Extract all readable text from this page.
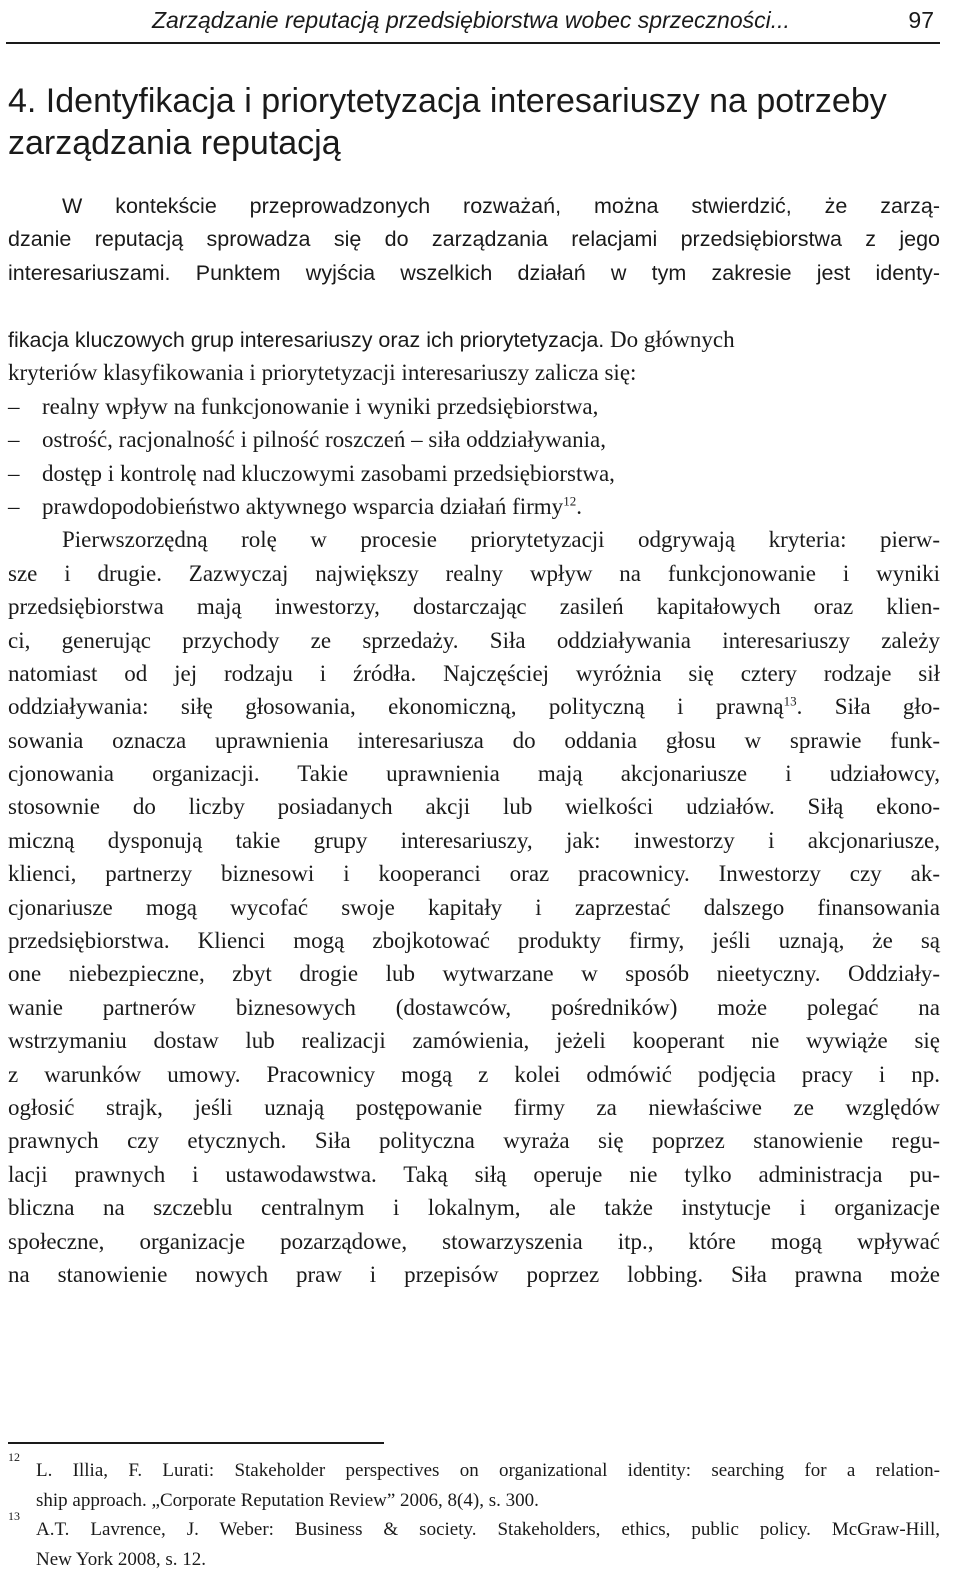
Zarządzanie reputacją przedsiębiorstwa wobec sprzeczności...	97
4. Identyfikacja i priorytetyzacja interesariuszy na potrzeby
zarządzania reputacją
W kontekście przeprowadzonych rozważań, można stwierdzić, że zarzą-
dzanie reputacją sprowadza się do zarządzania relacjami przedsiębiorstwa z jego
interesariuszami. Punktem wyjścia wszelkich działań w tym zakresie jest identy-
fikacja kluczowych grup interesariuszy oraz ich priorytetyzacja. Do głównych
kryteriów klasyfikowania i priorytetyzacji interesariuszy zalicza się:
– realny wpływ na funkcjonowanie i wyniki przedsiębiorstwa,
– ostrość, racjonalność i pilność roszczeń – siła oddziaływania,
– dostęp i kontrolę nad kluczowymi zasobami przedsiębiorstwa,
– prawdopodobieństwo aktywnego wsparcia działań firmy$^{12}$.
Pierwszorzędną rolę w procesie priorytetyzacji odgrywają kryteria: pierw-
sze i drugie. Zazwyczaj największy realny wpływ na funkcjonowanie i wyniki
przedsiębiorstwa mają inwestorzy, dostarczając zasileń kapitałowych oraz klien-
ci, generując przychody ze sprzedaży. Siła oddziaływania interesariuszy zależy
natomiast od jej rodzaju i źródła. Najczęściej wyróżnia się cztery rodzaje sił
oddziaływania: siłę głosowania, ekonomiczną, polityczną i prawną$^{13}$. Siła gło-
sowania oznacza uprawnienia interesariusza do oddania głosu w sprawie funk-
cjonowania organizacji. Takie uprawnienia mają akcjonariusze i udziałowcy,
stosownie do liczby posiadanych akcji lub wielkości udziałów. Siłą ekono-
miczną dysponują takie grupy interesariuszy, jak: inwestorzy i akcjonariusze,
klienci, partnerzy biznesowi i kooperanci oraz pracownicy. Inwestorzy czy ak-
cjonariusze mogą wycofać swoje kapitały i zaprzestać dalszego finansowania
przedsiębiorstwa. Klienci mogą zbojkotować produkty firmy, jeśli uznają, że są
one niebezpieczne, zbyt drogie lub wytwarzane w sposób nieetyczny. Oddziały-
wanie partnerów biznesowych (dostawców, pośredników) może polegać na
wstrzymaniu dostaw lub realizacji zamówienia, jeżeli kooperant nie wywiąże się
z warunków umowy. Pracownicy mogą z kolei odmówić podjęcia pracy i np.
ogłosić strajk, jeśli uznają postępowanie firmy za niewłaściwe ze względów
prawnych czy etycznych. Siła polityczna wyraża się poprzez stanowienie regu-
lacji prawnych i ustawodawstwa. Taką siłą operuje nie tylko administracja pu-
bliczna na szczeblu centralnym i lokalnym, ale także instytucje i organizacje
społeczne, organizacje pozarządowe, stowarzyszenia itp., które mogą wpływać
na stanowienie nowych praw i przepisów poprzez lobbing. Siła prawna może
12
L. Illia, F. Lurati: Stakeholder perspectives on organizational identity: searching for a relation-
ship approach. „Corporate Reputation Review” 2006, 8(4), s. 300.
13
A.T. Lavrence, J. Weber: Business & society. Stakeholders, ethics, public policy. McGraw-Hill,
New York 2008, s. 12.
